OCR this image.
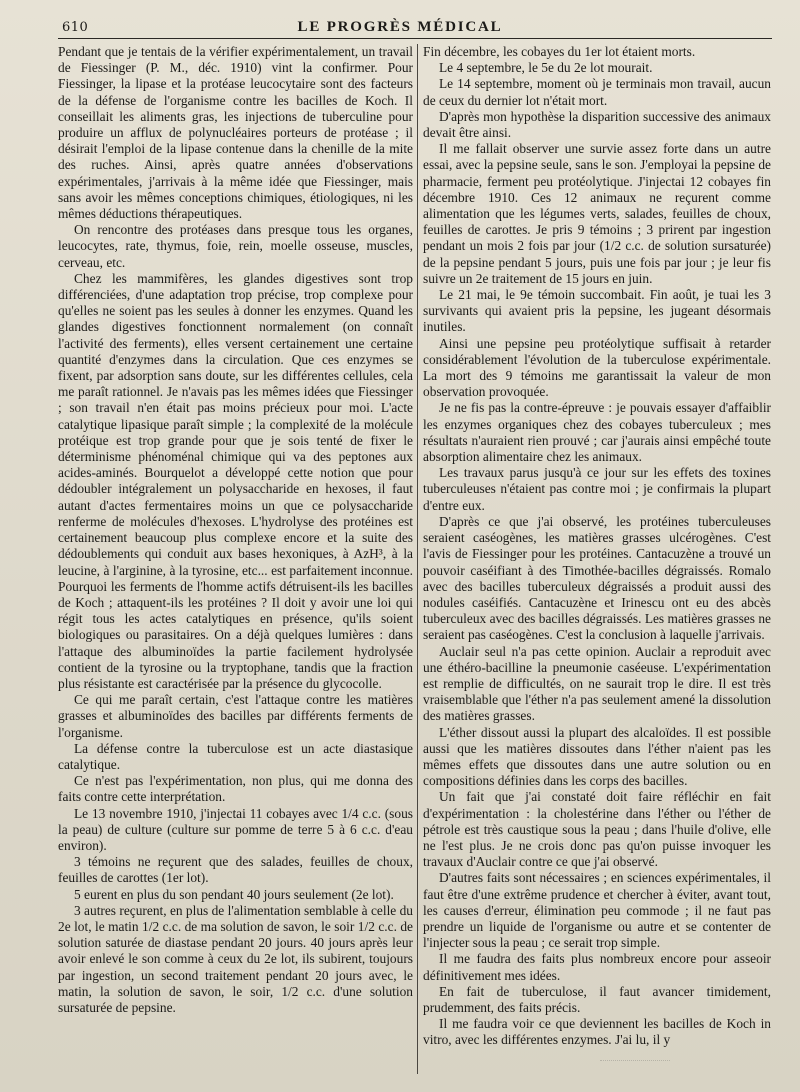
610	LE PROGRÈS MÉDICAL

Pendant que je tentais de la vérifier expérimentalement, un travail de Fiessinger (P. M., déc. 1910) vint la confirmer. Pour Fiessinger, la lipase et la protéase leucocytaire sont des facteurs de la défense de l'organisme contre les bacilles de Koch. Il conseillait les aliments gras, les injections de tuberculine pour produire un afflux de polynucléaires porteurs de protéase ; il désirait l'emploi de la lipase contenue dans la chenille de la mite des ruches. Ainsi, après quatre années d'observations expérimentales, j'arrivais à la même idée que Fiessinger, mais sans avoir les mêmes conceptions chimiques, étiologiques, ni les mêmes déductions thérapeutiques.

On rencontre des protéases dans presque tous les organes, leucocytes, rate, thymus, foie, rein, moelle osseuse, muscles, cerveau, etc.

Chez les mammifères, les glandes digestives sont trop différenciées, d'une adaptation trop précise, trop complexe pour qu'elles ne soient pas les seules à donner les enzymes. Quand les glandes digestives fonctionnent normalement (on connaît l'activité des ferments), elles versent certainement une certaine quantité d'enzymes dans la circulation. Que ces enzymes se fixent, par adsorption sans doute, sur les différentes cellules, cela me paraît rationnel. Je n'avais pas les mêmes idées que Fiessinger ; son travail n'en était pas moins précieux pour moi. L'acte catalytique lipasique paraît simple ; la complexité de la molécule protéique est trop grande pour que je sois tenté de fixer le déterminisme phénoménal chimique qui va des peptones aux acides-aminés. Bourquelot a développé cette notion que pour dédoubler intégralement un polysaccharide en hexoses, il faut autant d'actes fermentaires moins un que ce polysaccharide renferme de molécules d'hexoses. L'hydrolyse des protéines est certainement beaucoup plus complexe encore et la suite des dédoublements qui conduit aux bases hexoniques, à AzH³, à la leucine, à l'arginine, à la tyrosine, etc... est parfaitement inconnue. Pourquoi les ferments de l'homme actifs détruisent-ils les bacilles de Koch ; attaquent-ils les protéines ? Il doit y avoir une loi qui régit tous les actes catalytiques en présence, qu'ils soient biologiques ou parasitaires. On a déjà quelques lumières : dans l'attaque des albuminoïdes la partie facilement hydrolysée contient de la tyrosine ou la tryptophane, tandis que la fraction plus résistante est caractérisée par la présence du glycocolle.

Ce qui me paraît certain, c'est l'attaque contre les matières grasses et albuminoïdes des bacilles par différents ferments de l'organisme.

La défense contre la tuberculose est un acte diastasique catalytique.

Ce n'est pas l'expérimentation, non plus, qui me donna des faits contre cette interprétation.

Le 13 novembre 1910, j'injectai 11 cobayes avec 1/4 c.c. (sous la peau) de culture (culture sur pomme de terre 5 à 6 c.c. d'eau environ).

3 témoins ne reçurent que des salades, feuilles de choux, feuilles de carottes (1er lot).

5 eurent en plus du son pendant 40 jours seulement (2e lot).

3 autres reçurent, en plus de l'alimentation semblable à celle du 2e lot, le matin 1/2 c.c. de ma solution de savon, le soir 1/2 c.c. de solution saturée de diastase pendant 20 jours. 40 jours après leur avoir enlevé le son comme à ceux du 2e lot, ils subirent, toujours par ingestion, un second traitement pendant 20 jours avec, le matin, la solution de savon, le soir, 1/2 c.c. d'une solution sursaturée de pepsine.

Fin décembre, les cobayes du 1er lot étaient morts.

Le 4 septembre, le 5e du 2e lot mourait.

Le 14 septembre, moment où je terminais mon travail, aucun de ceux du dernier lot n'était mort.

D'après mon hypothèse la disparition successive des animaux devait être ainsi.

Il me fallait observer une survie assez forte dans un autre essai, avec la pepsine seule, sans le son. J'employai la pepsine de pharmacie, ferment peu protéolytique. J'injectai 12 cobayes fin décembre 1910. Ces 12 animaux ne reçurent comme alimentation que les légumes verts, salades, feuilles de choux, feuilles de carottes. Je pris 9 témoins ; 3 prirent par ingestion pendant un mois 2 fois par jour (1/2 c.c. de solution sursaturée) de la pepsine pendant 5 jours, puis une fois par jour ; je leur fis suivre un 2e traitement de 15 jours en juin.

Le 21 mai, le 9e témoin succombait. Fin août, je tuai les 3 survivants qui avaient pris la pepsine, les jugeant désormais inutiles.

Ainsi une pepsine peu protéolytique suffisait à retarder considérablement l'évolution de la tuberculose expérimentale. La mort des 9 témoins me garantissait la valeur de mon observation provoquée.

Je ne fis pas la contre-épreuve : je pouvais essayer d'affaiblir les enzymes organiques chez des cobayes tuberculeux ; mes résultats n'auraient rien prouvé ; car j'aurais ainsi empêché toute absorption alimentaire chez les animaux.

Les travaux parus jusqu'à ce jour sur les effets des toxines tuberculeuses n'étaient pas contre moi ; je confirmais la plupart d'entre eux.

D'après ce que j'ai observé, les protéines tuberculeuses seraient caséogènes, les matières grasses ulcérogènes. C'est l'avis de Fiessinger pour les protéines. Cantacuzène a trouvé un pouvoir caséifiant à des Timothée-bacilles dégraissés. Romalo avec des bacilles tuberculeux dégraissés a produit aussi des nodules caséifiés. Cantacuzène et Irinescu ont eu des abcès tuberculeux avec des bacilles dégraissés. Les matières grasses ne seraient pas caséogènes. C'est la conclusion à laquelle j'arrivais.

Auclair seul n'a pas cette opinion. Auclair a reproduit avec une éthéro-bacilline la pneumonie caséeuse. L'expérimentation est remplie de difficultés, on ne saurait trop le dire. Il est très vraisemblable que l'éther n'a pas seulement amené la dissolution des matières grasses.

L'éther dissout aussi la plupart des alcaloïdes. Il est possible aussi que les matières dissoutes dans l'éther n'aient pas les mêmes effets que dissoutes dans une autre solution ou en compositions définies dans les corps des bacilles.

Un fait que j'ai constaté doit faire réfléchir en fait d'expérimentation : la cholestérine dans l'éther ou l'éther de pétrole est très caustique sous la peau ; dans l'huile d'olive, elle ne l'est plus. Je ne crois donc pas qu'on puisse invoquer les travaux d'Auclair contre ce que j'ai observé.

D'autres faits sont nécessaires ; en sciences expérimentales, il faut être d'une extrême prudence et chercher à éviter, avant tout, les causes d'erreur, élimination peu commode ; il ne faut pas prendre un liquide de l'organisme ou autre et se contenter de l'injecter sous la peau ; ce serait trop simple.

Il me faudra des faits plus nombreux encore pour asseoir définitivement mes idées.

En fait de tuberculose, il faut avancer timidement, prudemment, des faits précis.

Il me faudra voir ce que deviennent les bacilles de Koch in vitro, avec les différentes enzymes. J'ai lu, il y
